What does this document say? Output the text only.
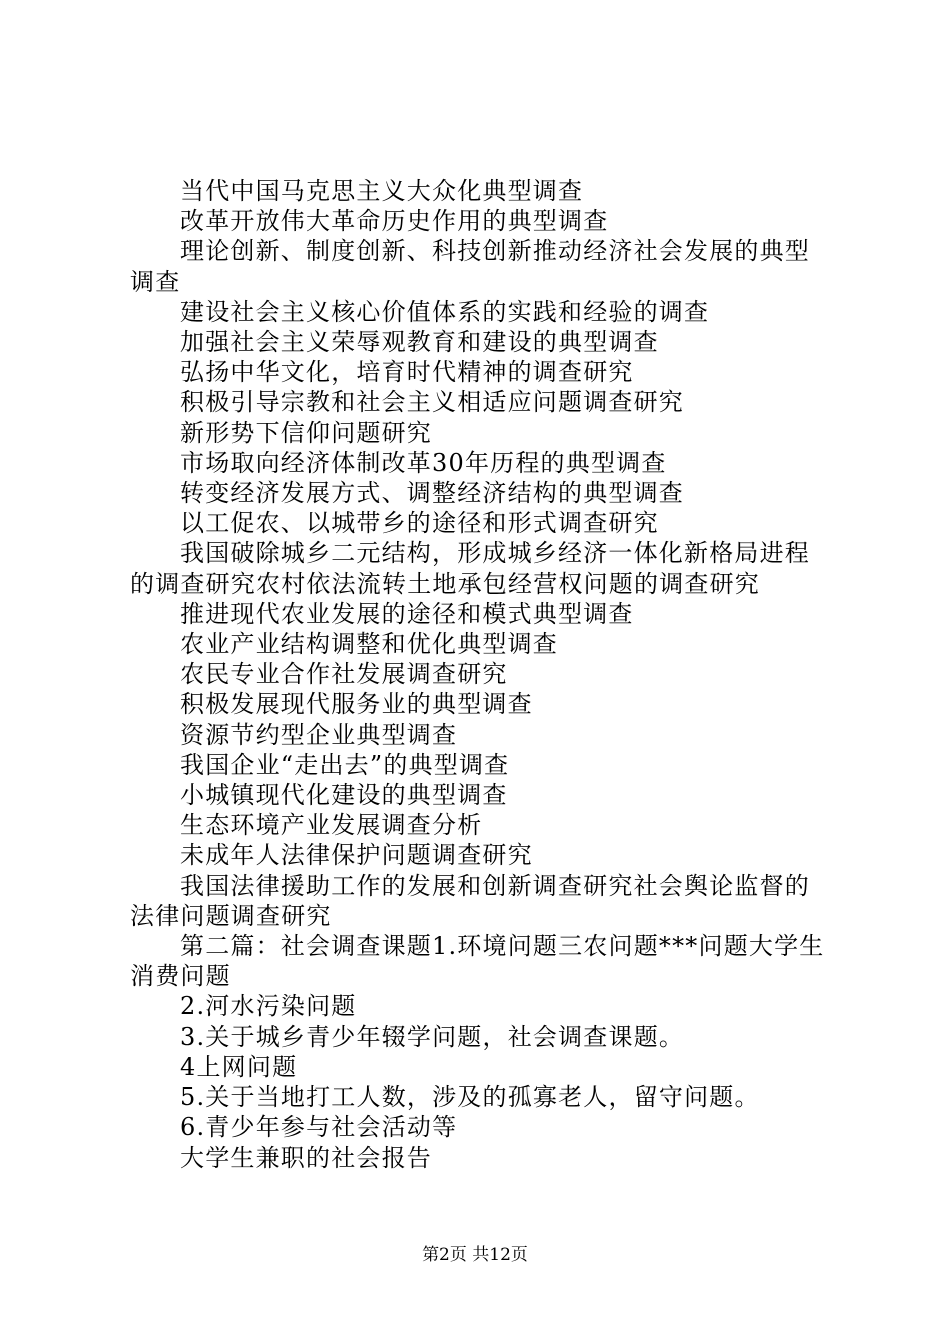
当代中国马克思主义大众化典型调查

改革开放伟大革命历史作用的典型调查

理论创新、制度创新、科技创新推动经济社会发展的典型调查

建设社会主义核心价值体系的实践和经验的调查

加强社会主义荣辱观教育和建设的典型调查

弘扬中华文化，培育时代精神的调查研究

积极引导宗教和社会主义相适应问题调查研究

新形势下信仰问题研究

市场取向经济体制改革30年历程的典型调查

转变经济发展方式、调整经济结构的典型调查

以工促农、以城带乡的途径和形式调查研究

我国破除城乡二元结构，形成城乡经济一体化新格局进程的调查研究农村依法流转土地承包经营权问题的调查研究

推进现代农业发展的途径和模式典型调查

农业产业结构调整和优化典型调查

农民专业合作社发展调查研究

积极发展现代服务业的典型调查

资源节约型企业典型调查

我国企业“走出去”的典型调查

小城镇现代化建设的典型调查

生态环境产业发展调查分析

未成年人法律保护问题调查研究

我国法律援助工作的发展和创新调查研究社会舆论监督的法律问题调查研究

第二篇：社会调查课题1.环境问题三农问题***问题大学生消费问题

2.河水污染问题

3.关于城乡青少年辍学问题，社会调查课题。

4上网问题

5.关于当地打工人数，涉及的孤寡老人，留守问题。

6.青少年参与社会活动等

大学生兼职的社会报告

第2页 共12页
